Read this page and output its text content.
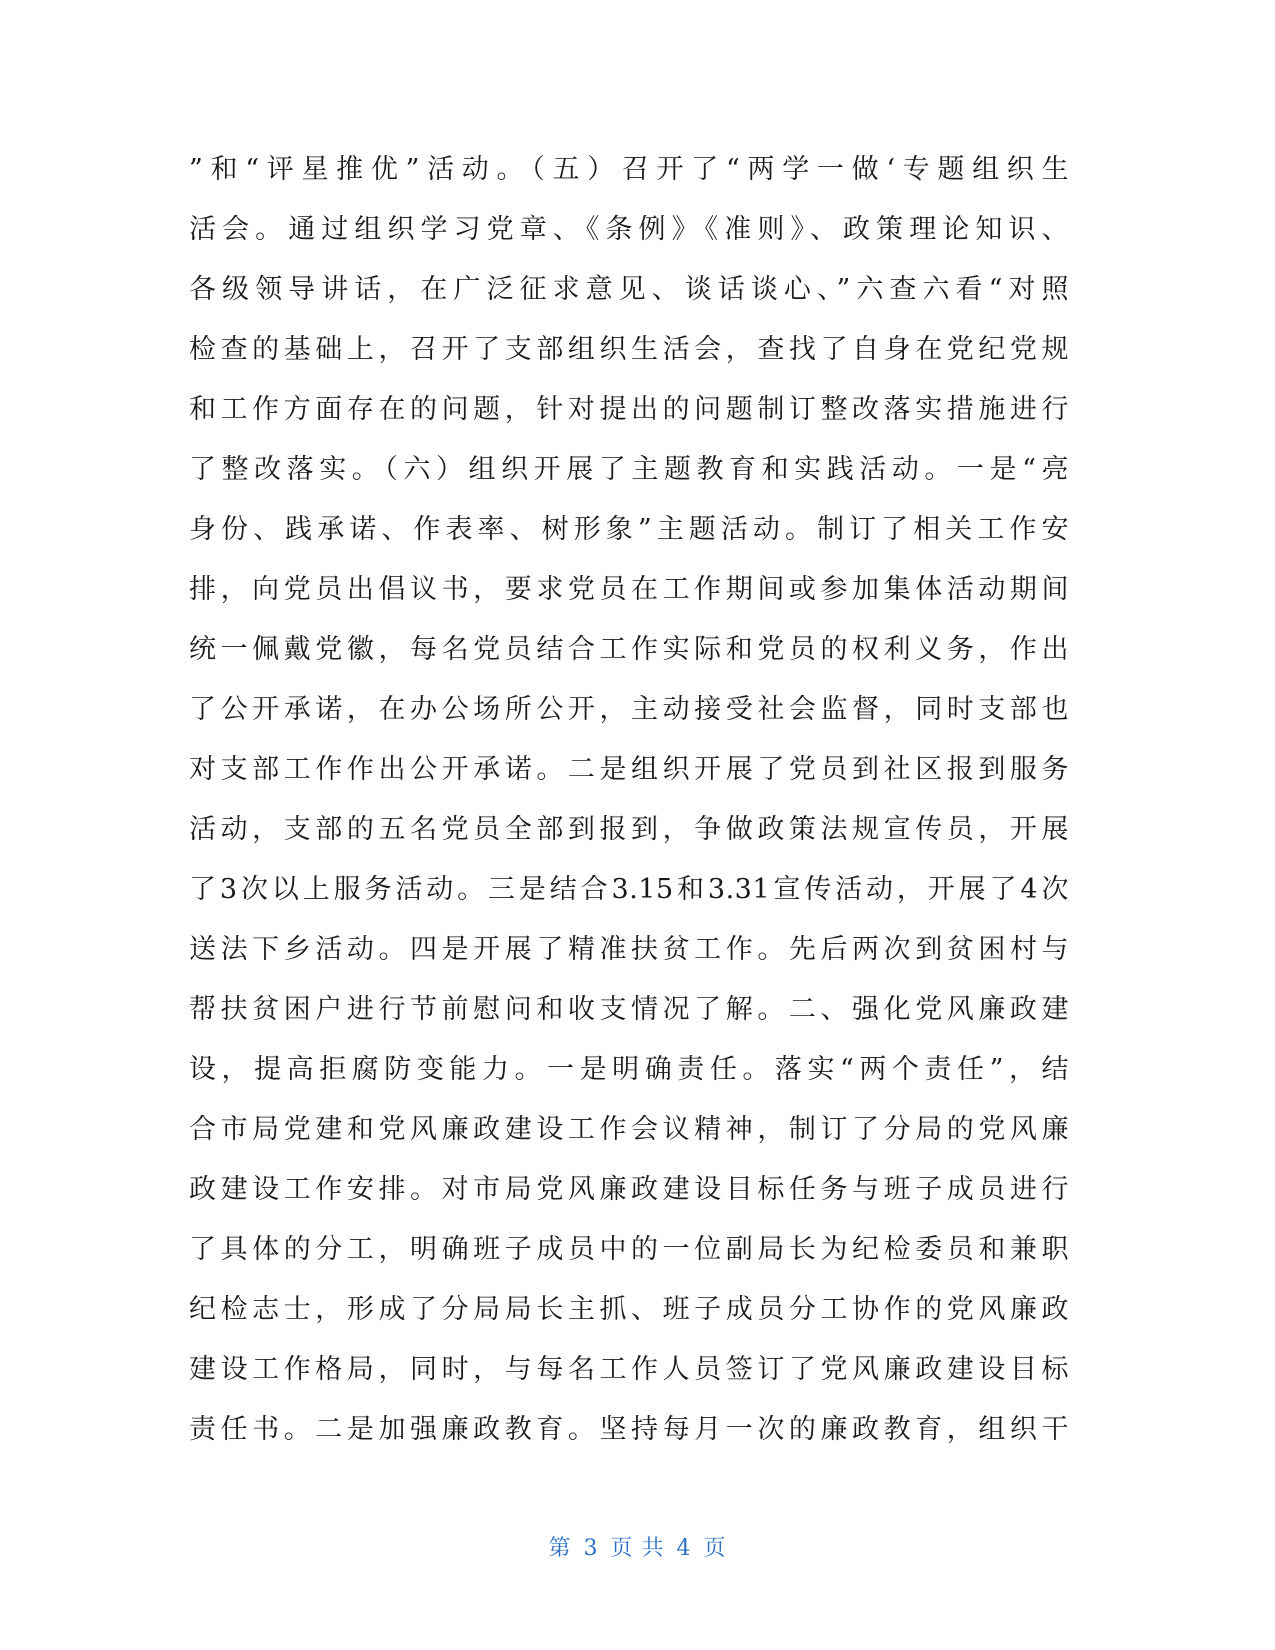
”和“评星推优”活动。（五）召开了“两学一做‘专题组织生
活会。通过组织学习党章、《条例》《准则》、政策理论知识、
各级领导讲话，在广泛征求意见、谈话谈心、”六查六看“对照
检查的基础上，召开了支部组织生活会，查找了自身在党纪党规
和工作方面存在的问题，针对提出的问题制订整改落实措施进行
了整改落实。（六）组织开展了主题教育和实践活动。一是“亮
身份、践承诺、作表率、树形象”主题活动。制订了相关工作安
排，向党员出倡议书，要求党员在工作期间或参加集体活动期间
统一佩戴党徽，每名党员结合工作实际和党员的权利义务，作出
了公开承诺，在办公场所公开，主动接受社会监督，同时支部也
对支部工作作出公开承诺。二是组织开展了党员到社区报到服务
活动，支部的五名党员全部到报到，争做政策法规宣传员，开展
了3次以上服务活动。三是结合3.15和3.31宣传活动，开展了4次
送法下乡活动。四是开展了精准扶贫工作。先后两次到贫困村与
帮扶贫困户进行节前慰问和收支情况了解。二、强化党风廉政建
设，提高拒腐防变能力。一是明确责任。落实“两个责任”，结
合市局党建和党风廉政建设工作会议精神，制订了分局的党风廉
政建设工作安排。对市局党风廉政建设目标任务与班子成员进行
了具体的分工，明确班子成员中的一位副局长为纪检委员和兼职
纪检志士，形成了分局局长主抓、班子成员分工协作的党风廉政
建设工作格局，同时，与每名工作人员签订了党风廉政建设目标
责任书。二是加强廉政教育。坚持每月一次的廉政教育，组织干
第 3 页 共 4 页
